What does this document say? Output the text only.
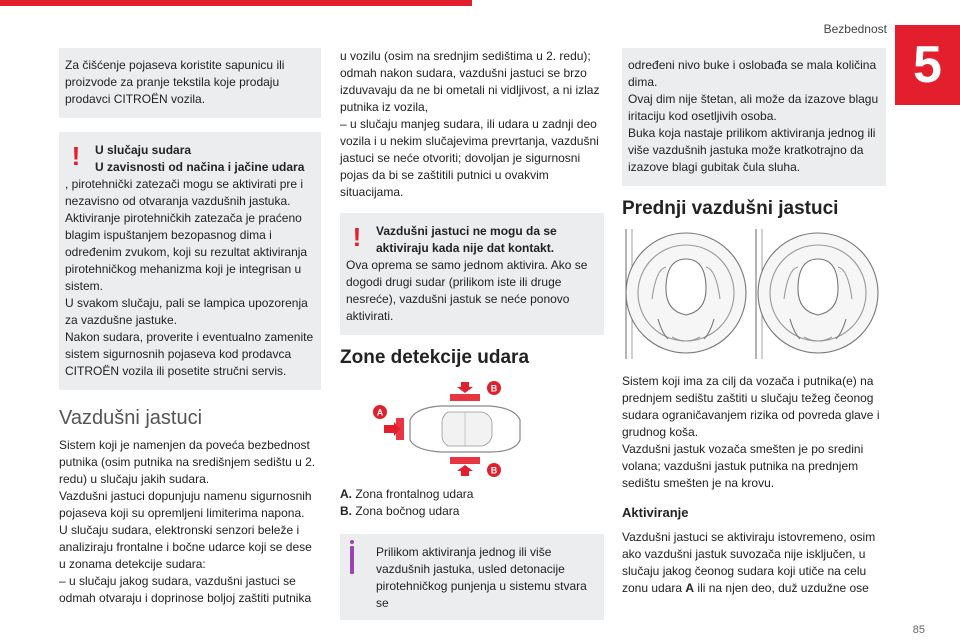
Bezbednost
5
85

Za čišćenje pojaseva koristite sapunicu ili proizvode za pranje tekstila koje prodaju prodavci CITROËN vozila.

!	U slučaju sudara

U zavisnosti od načina i jačine udara

, pirotehnički zatezači mogu se aktivirati pre i nezavisno od otvaranja vazdušnih jastuka.

Aktiviranje pirotehničkih zatezača je praćeno blagim ispuštanjem bezopasnog dima i određenim zvukom, koji su rezultat aktiviranja pirotehničkog mehanizma koji je integrisan u sistem.

U svakom slučaju, pali se lampica upozorenja za vazdušne jastuke.

Nakon sudara, proverite i eventualno zamenite sistem sigurnosnih pojaseva kod prodavca CITROËN vozila ili posetite stručni servis.

Vazdušni jastuci

Sistem koji je namenjen da poveća bezbednost putnika (osim putnika na središnjem sedištu u 2. redu) u slučaju jakih sudara.

Vazdušni jastuci dopunjuju namenu sigurnosnih pojaseva koji su opremljeni limiterima napona.

U slučaju sudara, elektronski senzori beleže i analiziraju frontalne i bočne udarce koji se dese u zonama detekcije sudara:

– u slučaju jakog sudara, vazdušni jastuci se odmah otvaraju i doprinose boljoj zaštiti putnika

u vozilu (osim na srednjim sedištima u 2. redu); odmah nakon sudara, vazdušni jastuci se brzo izduvavaju da ne bi ometali ni vidljivost, a ni izlaz putnika iz vozila,

– u slučaju manjeg sudara, ili udara u zadnji deo vozila i u nekim slučajevima prevrtanja, vazdušni jastuci se neće otvoriti; dovoljan je sigurnosni pojas da bi se zaštitili putnici u ovakvim situacijama.

!	Vazdušni jastuci ne mogu da se aktiviraju kada nije dat kontakt.

Ova oprema se samo jednom aktivira. Ako se dogodi drugi sudar (prilikom iste ili druge nesreće), vazdušni jastuk se neće ponovo aktivirati.

Zone detekcije udara
A
B
B

A. Zona frontalnog udara

B. Zona bočnog udara

Prilikom aktiviranja jednog ili više vazdušnih jastuka, usled detonacije pirotehničkog punjenja u sistemu stvara se

određeni nivo buke i oslobađa se mala količina dima.

Ovaj dim nije štetan, ali može da izazove blagu iritaciju kod osetljivih osoba.

Buka koja nastaje prilikom aktiviranja jednog ili više vazdušnih jastuka može kratkotrajno da izazove blagi gubitak čula sluha.

Prednji vazdušni jastuci

Sistem koji ima za cilj da vozača i putnika(e) na prednjem sedištu zaštiti u slučaju težeg čeonog sudara ograničavanjem rizika od povreda glave i grudnog koša.

Vazdušni jastuk vozača smešten je po sredini volana; vazdušni jastuk putnika na prednjem sedištu smešten je na krovu.

Aktiviranje

Vazdušni jastuci se aktiviraju istovremeno, osim ako vazdušni jastuk suvozača nije isključen, u slučaju jakog čeonog sudara koji utiče na celu zonu udara A ili na njen deo, duž uzdužne ose
